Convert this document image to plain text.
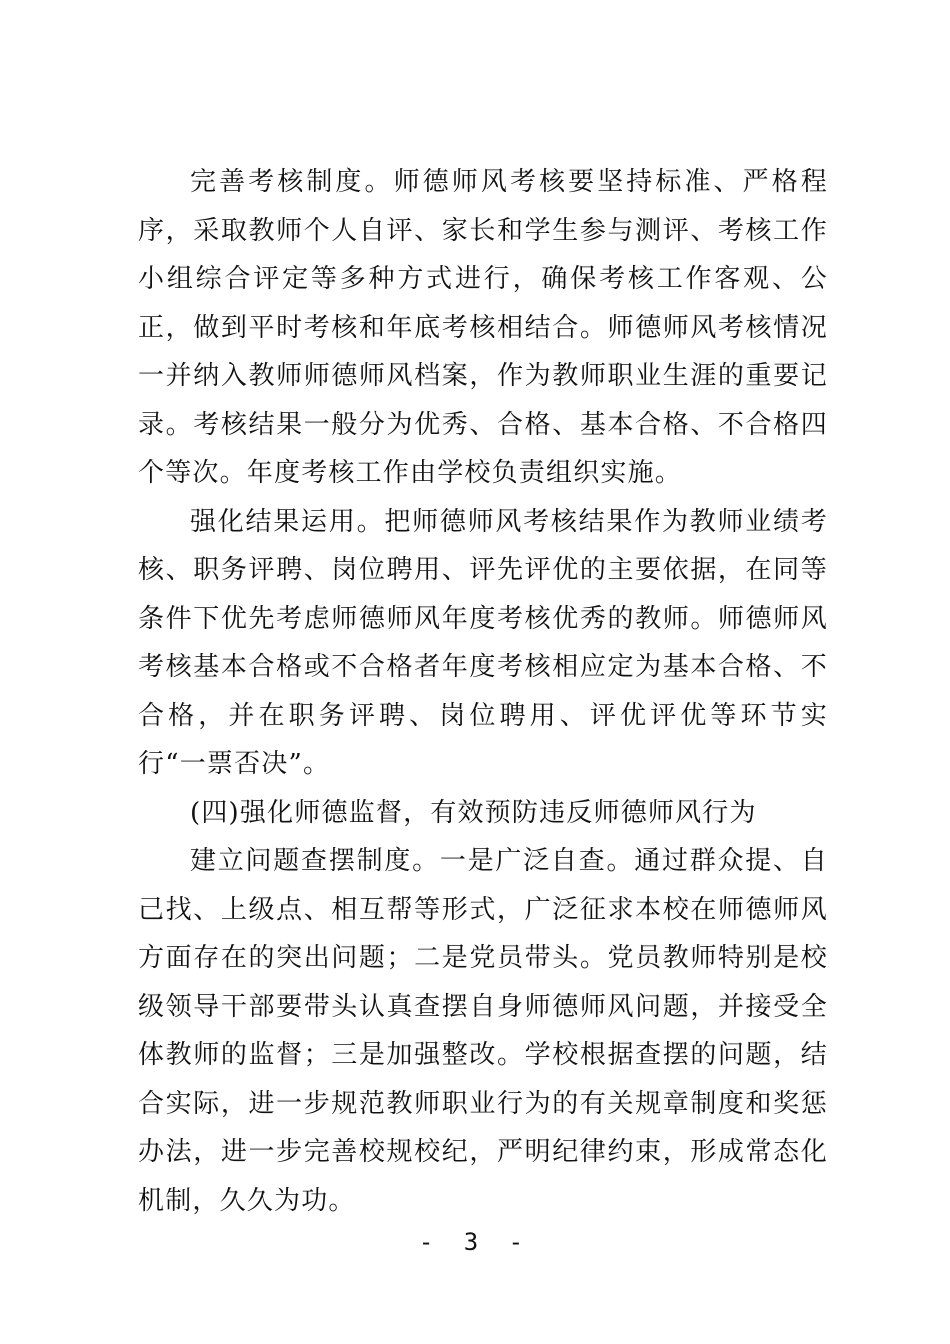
完善考核制度。师德师风考核要坚持标准、严格程序，采取教师个人自评、家长和学生参与测评、考核工作小组综合评定等多种方式进行，确保考核工作客观、公正，做到平时考核和年底考核相结合。师德师风考核情况一并纳入教师师德师风档案，作为教师职业生涯的重要记录。考核结果一般分为优秀、合格、基本合格、不合格四个等次。年度考核工作由学校负责组织实施。

强化结果运用。把师德师风考核结果作为教师业绩考核、职务评聘、岗位聘用、评先评优的主要依据，在同等条件下优先考虑师德师风年度考核优秀的教师。师德师风考核基本合格或不合格者年度考核相应定为基本合格、不合格，并在职务评聘、岗位聘用、评优评优等环节实行“一票否决”。

(四)强化师德监督，有效预防违反师德师风行为

建立问题查摆制度。一是广泛自查。通过群众提、自己找、上级点、相互帮等形式，广泛征求本校在师德师风方面存在的突出问题；二是党员带头。党员教师特别是校级领导干部要带头认真查摆自身师德师风问题，并接受全体教师的监督；三是加强整改。学校根据查摆的问题，结合实际，进一步规范教师职业行为的有关规章制度和奖惩办法，进一步完善校规校纪，严明纪律约束，形成常态化机制，久久为功。

- 3 -
